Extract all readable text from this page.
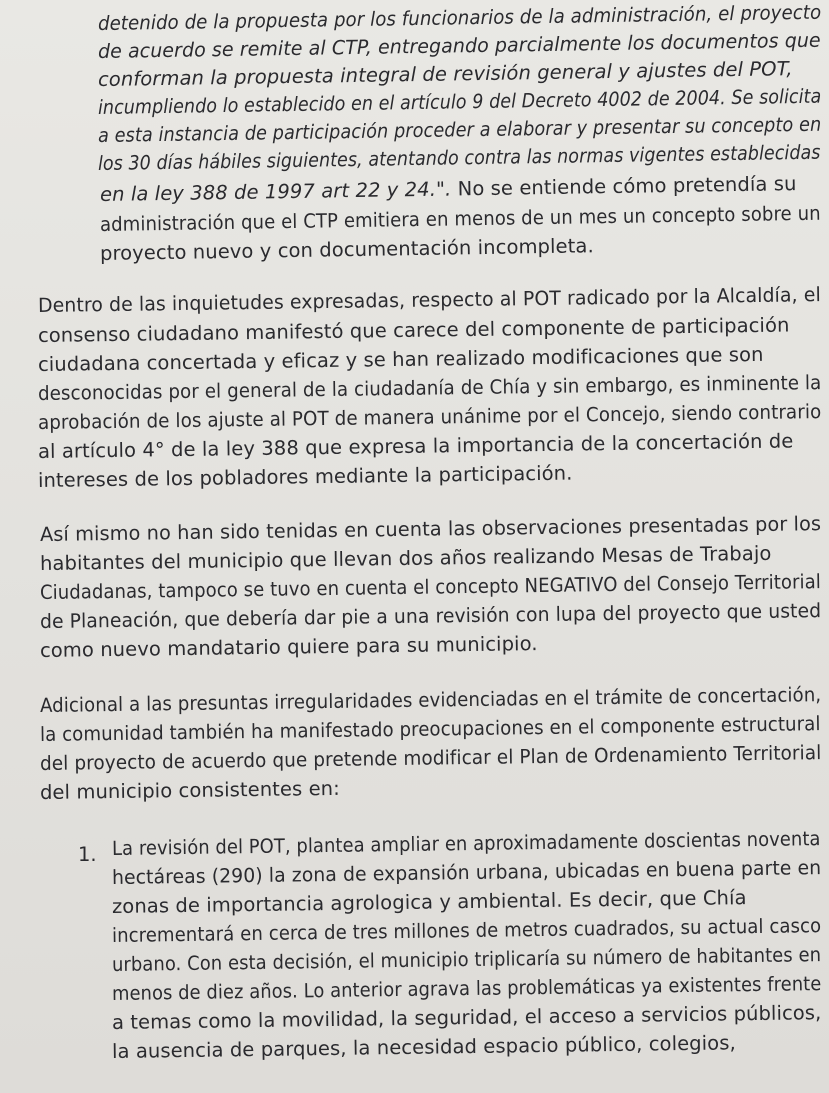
detenido de la propuesta por los funcionarios de la administración, el proyecto
de acuerdo se remite al CTP, entregando parcialmente los documentos que
conforman la propuesta integral de revisión general y ajustes del POT,
incumpliendo lo establecido en el artículo 9 del Decreto 4002 de 2004. Se solicita
a esta instancia de participación proceder a elaborar y presentar su concepto en
los 30 días hábiles siguientes, atentando contra las normas vigentes establecidas
en la ley 388 de 1997 art 22 y 24.". No se entiende cómo pretendía su
administración que el CTP emitiera en menos de un mes un concepto sobre un
proyecto nuevo y con documentación incompleta.
Dentro de las inquietudes expresadas, respecto al POT radicado por la Alcaldía, el
consenso ciudadano manifestó que carece del componente de participación
ciudadana concertada y eficaz y se han realizado modificaciones que son
desconocidas por el general de la ciudadanía de Chía y sin embargo, es inminente la
aprobación de los ajuste al POT de manera unánime por el Concejo, siendo contrario
al artículo 4° de la ley 388 que expresa la importancia de la concertación de
intereses de los pobladores mediante la participación.
Así mismo no han sido tenidas en cuenta las observaciones presentadas por los
habitantes del municipio que llevan dos años realizando Mesas de Trabajo
Ciudadanas, tampoco se tuvo en cuenta el concepto NEGATIVO del Consejo Territorial
de Planeación, que debería dar pie a una revisión con lupa del proyecto que usted
como nuevo mandatario quiere para su municipio.
Adicional a las presuntas irregularidades evidenciadas en el trámite de concertación,
la comunidad también ha manifestado preocupaciones en el componente estructural
del proyecto de acuerdo que pretende modificar el Plan de Ordenamiento Territorial
del municipio consistentes en:
1. La revisión del POT, plantea ampliar en aproximadamente doscientas noventa
hectáreas (290) la zona de expansión urbana, ubicadas en buena parte en
zonas de importancia agrologica y ambiental. Es decir, que Chía
incrementará en cerca de tres millones de metros cuadrados, su actual casco
urbano. Con esta decisión, el municipio triplicaría su número de habitantes en
menos de diez años. Lo anterior agrava las problemáticas ya existentes frente
a temas como la movilidad, la seguridad, el acceso a servicios públicos,
la ausencia de parques, la necesidad espacio público, colegios,
